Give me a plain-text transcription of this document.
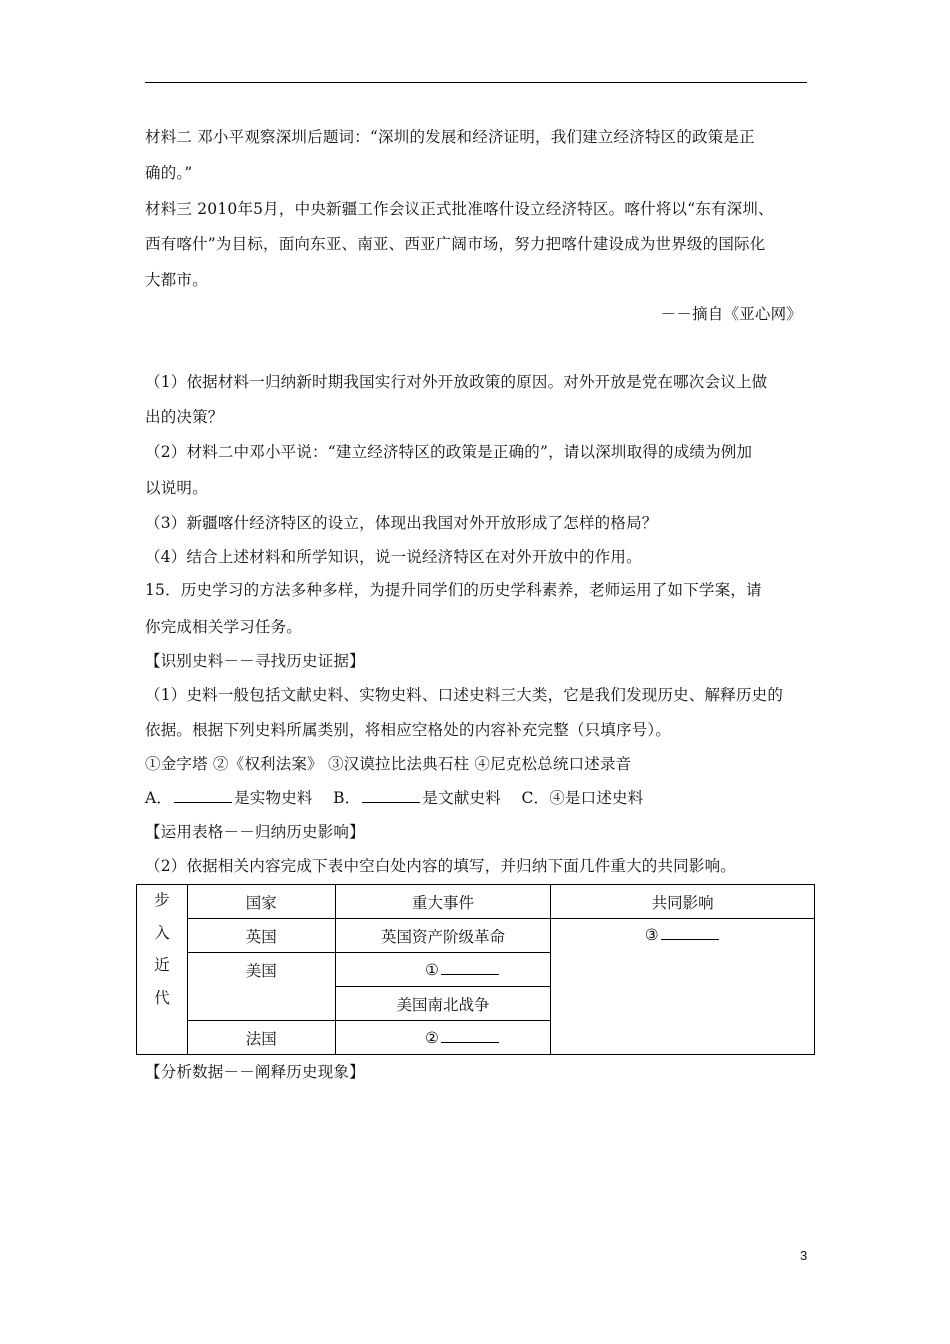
材料二 邓小平观察深圳后题词：“深圳的发展和经济证明，我们建立经济特区的政策是正
确的。”
材料三 2010年5月，中央新疆工作会议正式批准喀什设立经济特区。喀什将以“东有深圳、
西有喀什”为目标，面向东亚、南亚、西亚广阔市场，努力把喀什建设成为世界级的国际化
大都市。
－－摘自《亚心网》
（1）依据材料一归纳新时期我国实行对外开放政策的原因。对外开放是党在哪次会议上做
出的决策？
（2）材料二中邓小平说：“建立经济特区的政策是正确的”，请以深圳取得的成绩为例加
以说明。
（3）新疆喀什经济特区的设立，体现出我国对外开放形成了怎样的格局？
（4）结合上述材料和所学知识，说一说经济特区在对外开放中的作用。
15．历史学习的方法多种多样，为提升同学们的历史学科素养，老师运用了如下学案，请
你完成相关学习任务。
【识别史料－－寻找历史证据】
（1）史料一般包括文献史料、实物史料、口述史料三大类，它是我们发现历史、解释历史的
依据。根据下列史料所属类别，将相应空格处的内容补充完整（只填序号）。
①金字塔 ②《权利法案》 ③汉谟拉比法典石柱 ④尼克松总统口述录音
A．	是实物史料 B．	是文献史料 C．④是口述史料
【运用表格－－归纳历史影响】
（2）依据相关内容完成下表中空白处内容的填写，并归纳下面几件重大的共同影响。
步
入
近
代	国家	重大事件	共同影响
	英国	英国资产阶级革命	③

	美国	①	
		美国南北战争	
	法国	②	
【分析数据－－阐释历史现象】
3
